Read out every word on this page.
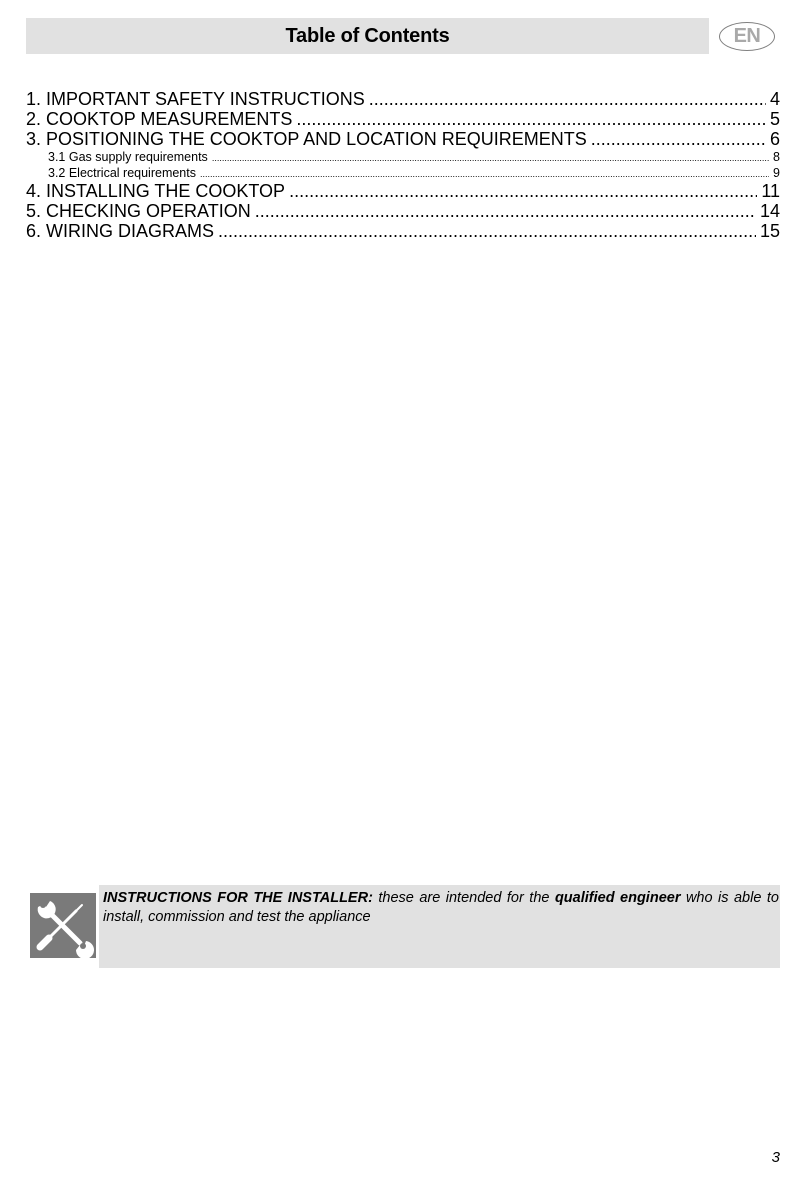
Table of Contents	EN
1. IMPORTANT SAFETY INSTRUCTIONS .....	4
2. COOKTOP MEASUREMENTS .....	5
3. POSITIONING THE COOKTOP AND LOCATION REQUIREMENTS .....	6
3.1 Gas supply requirements .....	8
3.2 Electrical requirements .....	9
4. INSTALLING THE COOKTOP .....	11
5. CHECKING OPERATION .....	14
6. WIRING DIAGRAMS .....	15
INSTRUCTIONS FOR THE INSTALLER: these are intended for the qualified engineer who is able to install, commission and test the appliance
3
